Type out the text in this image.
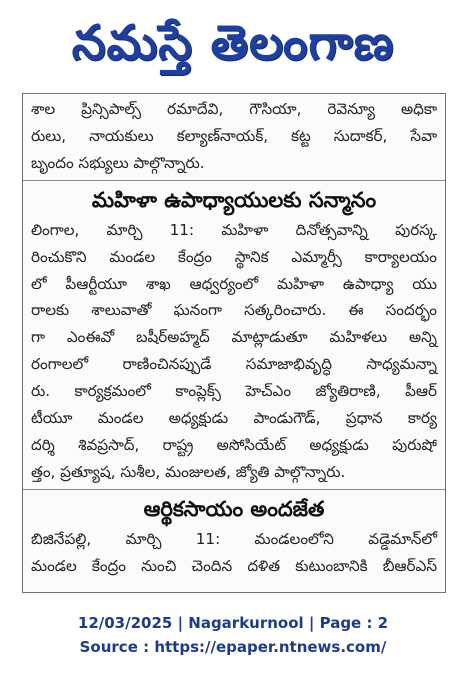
నమస్తే తెలంగాణ

శాల ప్రిన్సిపాల్స్ రమాదేవి, గౌసియా, రెవెన్యూ అధికా

రులు, నాయకులు కల్యాణ్‌నాయక్, కట్ట సుదాకర్, సేవా

బృందం సభ్యులు పాల్గొన్నారు.

మహిళా ఉపాధ్యాయులకు సన్మానం

లింగాల, మార్చి 11: మహిళా దినోత్సవాన్ని పురస్క

రించుకొని మండల కేంద్రం స్థానిక ఎమ్మార్సీ కార్యాలయం

లో పీఆర్టీయూ శాఖ ఆధ్వర్యంలో మహిళా ఉపాధ్యా యు

రాలకు శాలువాతో ఘనంగా సత్కరించారు. ఈ సందర్భం

గా ఎంఈవో బషీర్‌అహ్మద్ మాట్లాడుతూ మహిళలు అన్ని

రంగాలలో రాణించినప్పుడే సమాజాభివృద్ధి సాధ్యమన్నా

రు. కార్యక్రమంలో కాంప్లెక్స్ హెచ్‌ఎం జ్యోతిరాణి, పీఆర్

టీయూ మండల అధ్యక్షుడు పాండుగౌడ్, ప్రధాన కార్య

దర్శి శివప్రసాద్, రాష్ట్ర అసోసియేట్ అధ్యక్షుడు పురుషో

త్తం, ప్రత్యూష, సుశీల, మంజులత, జ్యోతి పాల్గొన్నారు.

ఆర్థికసాయం అందజేత

బిజినేపల్లి, మార్చి 11: మండలంలోని వడ్డెమాన్‌లో

మండల కేంద్రం నుంచి చెందిన దళిత కుటుంబానికి బీఆర్ఎస్

12/03/2025 | Nagarkurnool | Page : 2
Source : https://epaper.ntnews.com/
